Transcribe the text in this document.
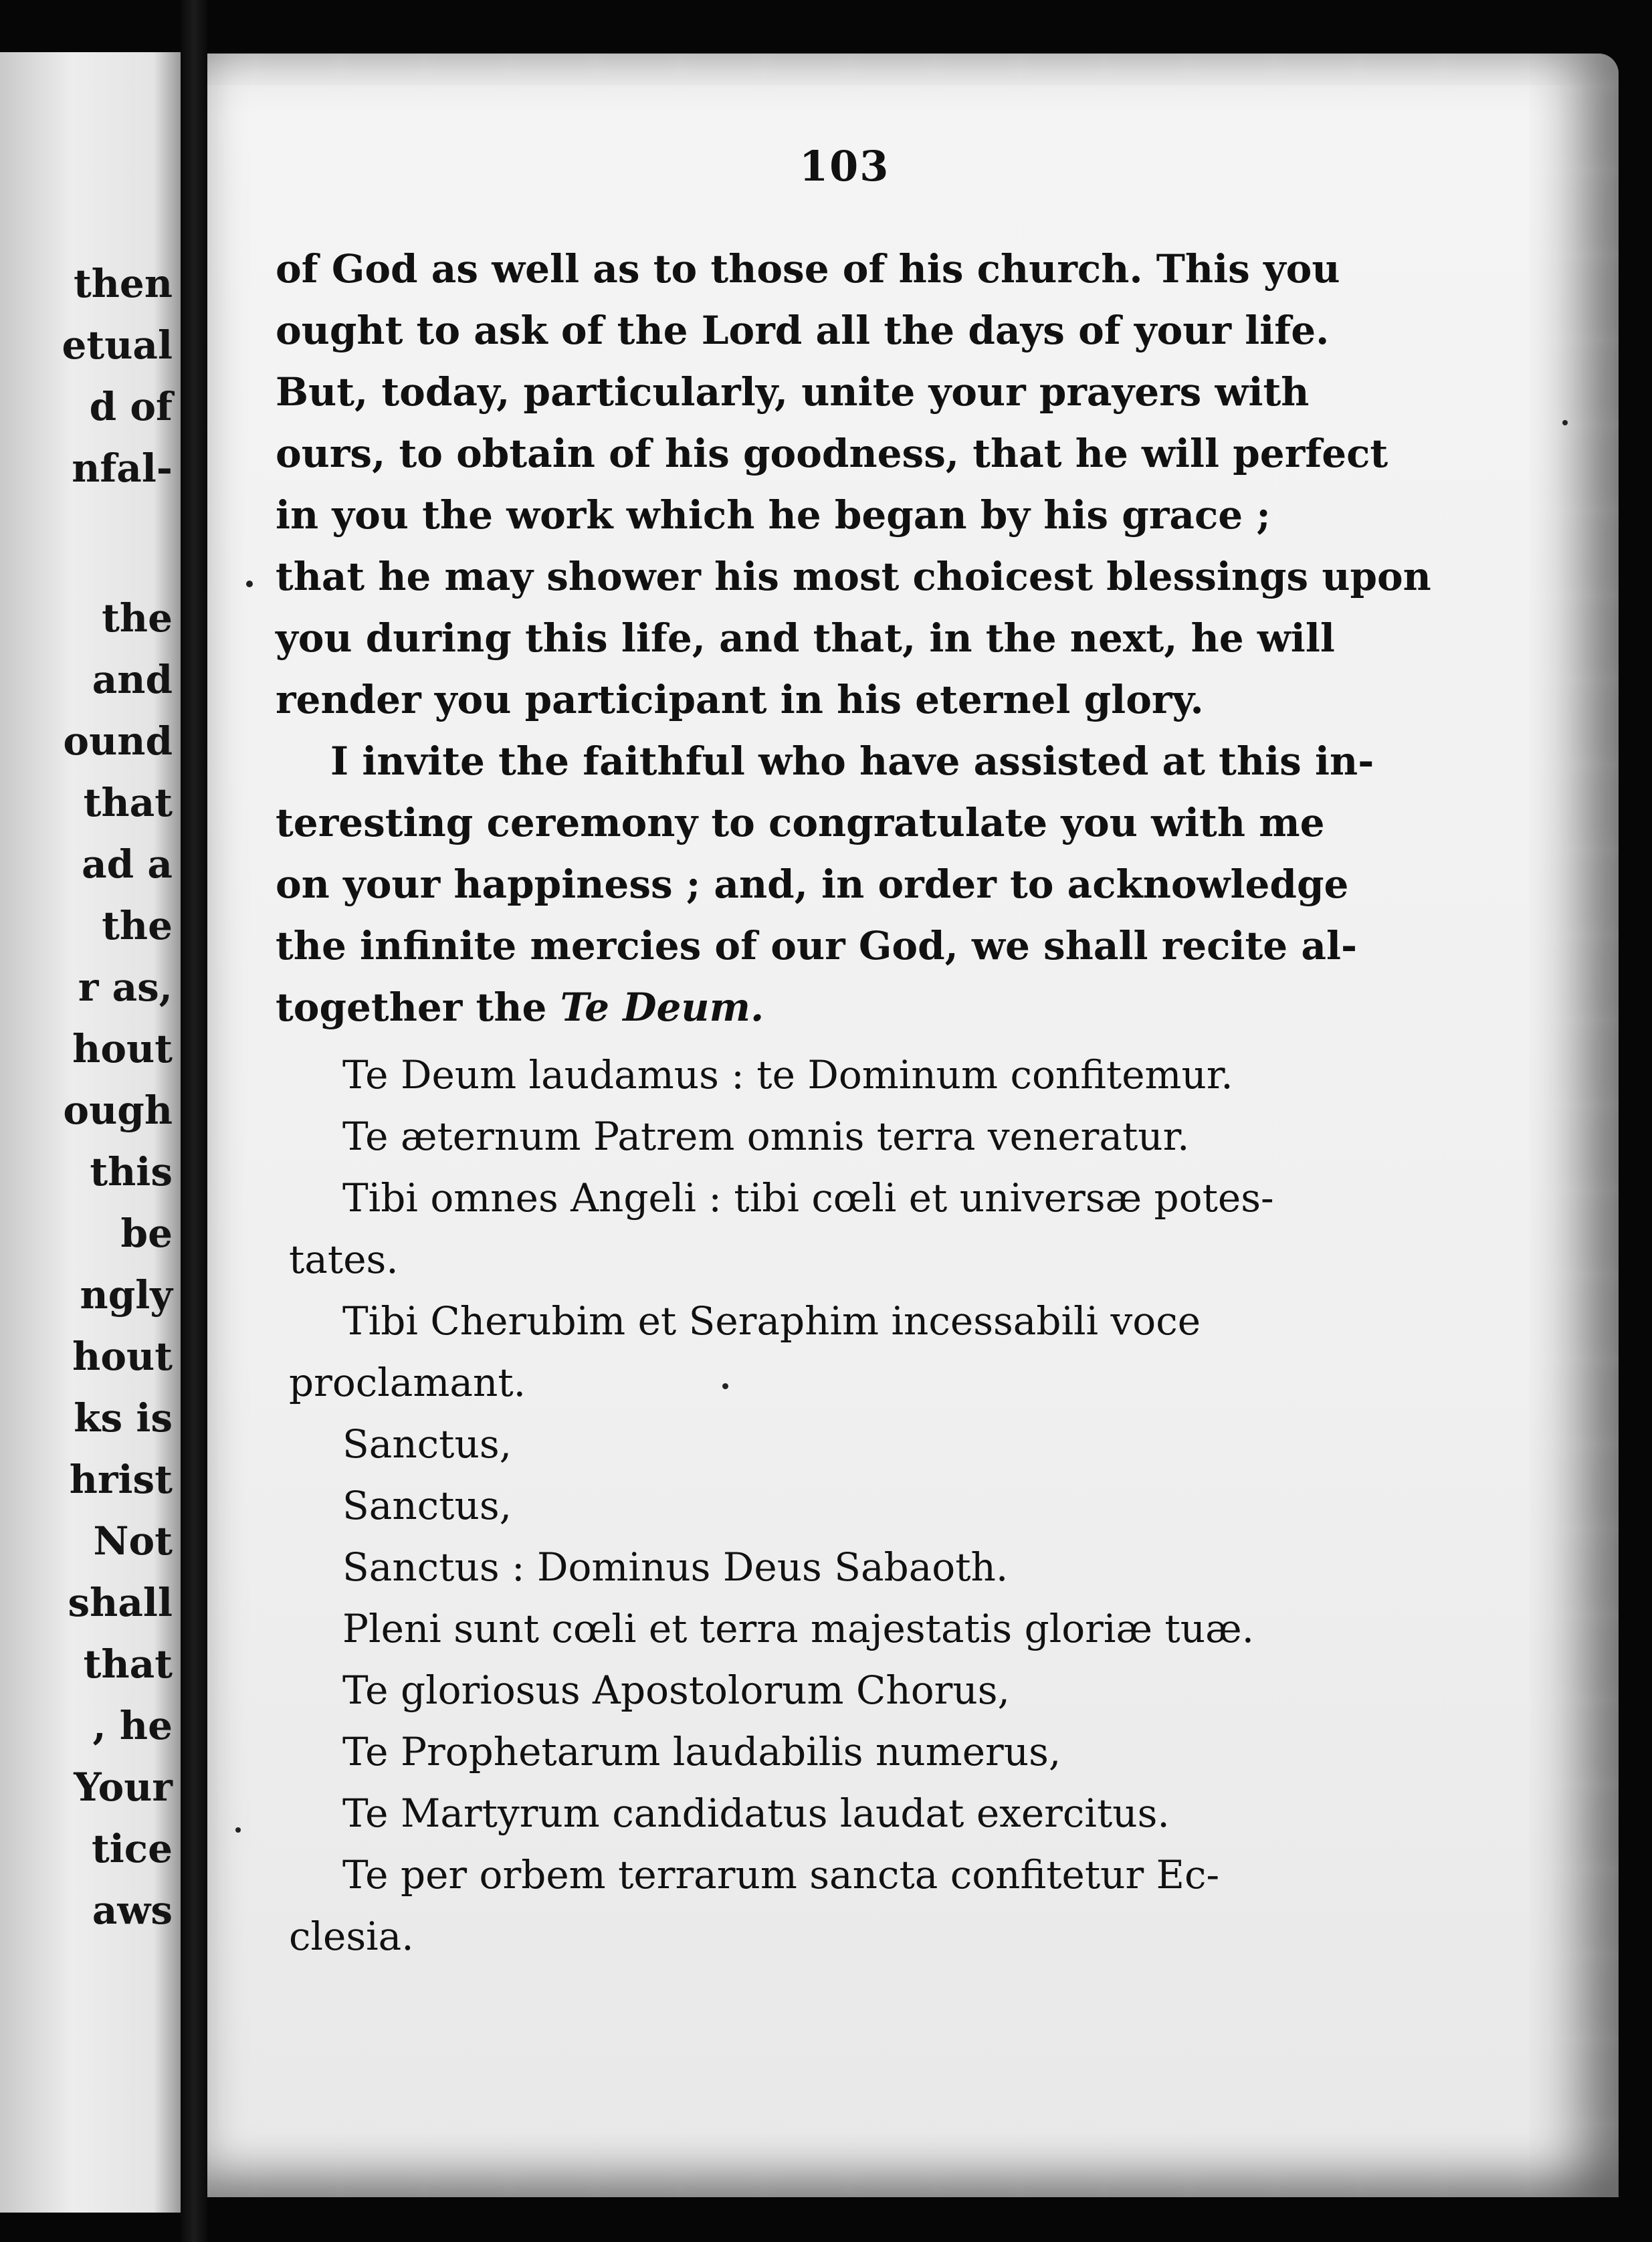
then

etual

d of

nfal-

the

and

ound

that

ad a

the

r as,

hout

ough

this

be

ngly

hout

ks is

hrist

Not

shall

that

, he

Your

tice

aws

103

of God as well as to those of his church. This you

ought to ask of the Lord all the days of your life.

But, today, particularly, unite your prayers with

ours, to obtain of his goodness, that he will perfect

in you the work which he began by his grace ;

that he may shower his most choicest blessings upon

you during this life, and that, in the next, he will

render you participant in his eternel glory.

I invite the faithful who have assisted at this in-

teresting ceremony to congratulate you with me

on your happiness ; and, in order to acknowledge

the infinite mercies of our God, we shall recite al-

together the Te Deum.

Te Deum laudamus : te Dominum confitemur.

Te æternum Patrem omnis terra veneratur.

Tibi omnes Angeli : tibi cœli et universæ potes-

tates.

Tibi Cherubim et Seraphim incessabili voce

proclamant.

Sanctus,

Sanctus,

Sanctus : Dominus Deus Sabaoth.

Pleni sunt cœli et terra majestatis gloriæ tuæ.

Te gloriosus Apostolorum Chorus,

Te Prophetarum laudabilis numerus,

Te Martyrum candidatus laudat exercitus.

Te per orbem terrarum sancta confitetur Ec-

clesia.
